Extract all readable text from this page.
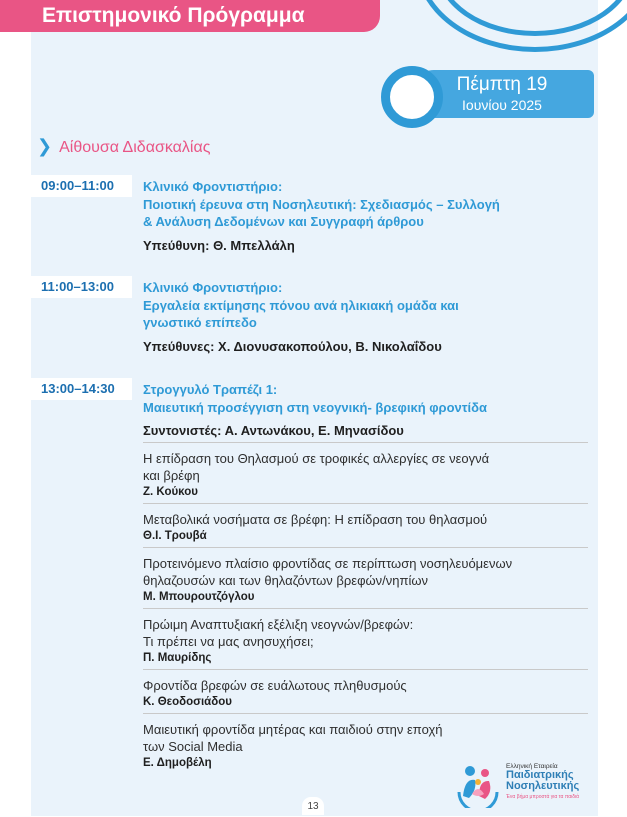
Επιστημονικό Πρόγραμμα
Πέμπτη 19
Ιουνίου 2025
❯ Αίθουσα Διδασκαλίας
09:00–11:00	Κλινικό Φροντιστήριο:
Ποιοτική έρευνα στη Νοσηλευτική: Σχεδιασμός – Συλλογή
& Ανάλυση Δεδομένων και Συγγραφή άρθρου
Υπεύθυνη: Θ. Μπελλάλη
11:00–13:00	Κλινικό Φροντιστήριο:
Εργαλεία εκτίμησης πόνου ανά ηλικιακή ομάδα και
γνωστικό επίπεδο
Υπεύθυνες: Χ. Διονυσακοπούλου, Β. Νικολαΐδου
13:00–14:30	Στρογγυλό Τραπέζι 1:
Μαιευτική προσέγγιση στη νεογνική- βρεφική φροντίδα
Συντονιστές: Α. Αντωνάκου, Ε. Μηνασίδου
Η επίδραση του Θηλασμού σε τροφικές αλλεργίες σε νεογνά
και βρέφη
Ζ. Κούκου
Μεταβολικά νοσήματα σε βρέφη: Η επίδραση του θηλασμού
Θ.Ι. Τρουβά
Προτεινόμενο πλαίσιο φροντίδας σε περίπτωση νοσηλευόμενων
θηλαζουσών και των θηλαζόντων βρεφών/νηπίων
Μ. Μπουρουτζόγλου
Πρώιμη Αναπτυξιακή εξέλιξη νεογνών/βρεφών:
Τι πρέπει να μας ανησυχήσει;
Π. Μαυρίδης
Φροντίδα βρεφών σε ευάλωτους πληθυσμούς
Κ. Θεοδοσιάδου
Μαιευτική φροντίδα μητέρας και παιδιού στην εποχή
των Social Media
Ε. Δημοβέλη	Ελληνική Εταιρεία
Παιδιατρικής
Νοσηλευτικής
Ένα βήμα μπροστά για τα παιδιά
13
